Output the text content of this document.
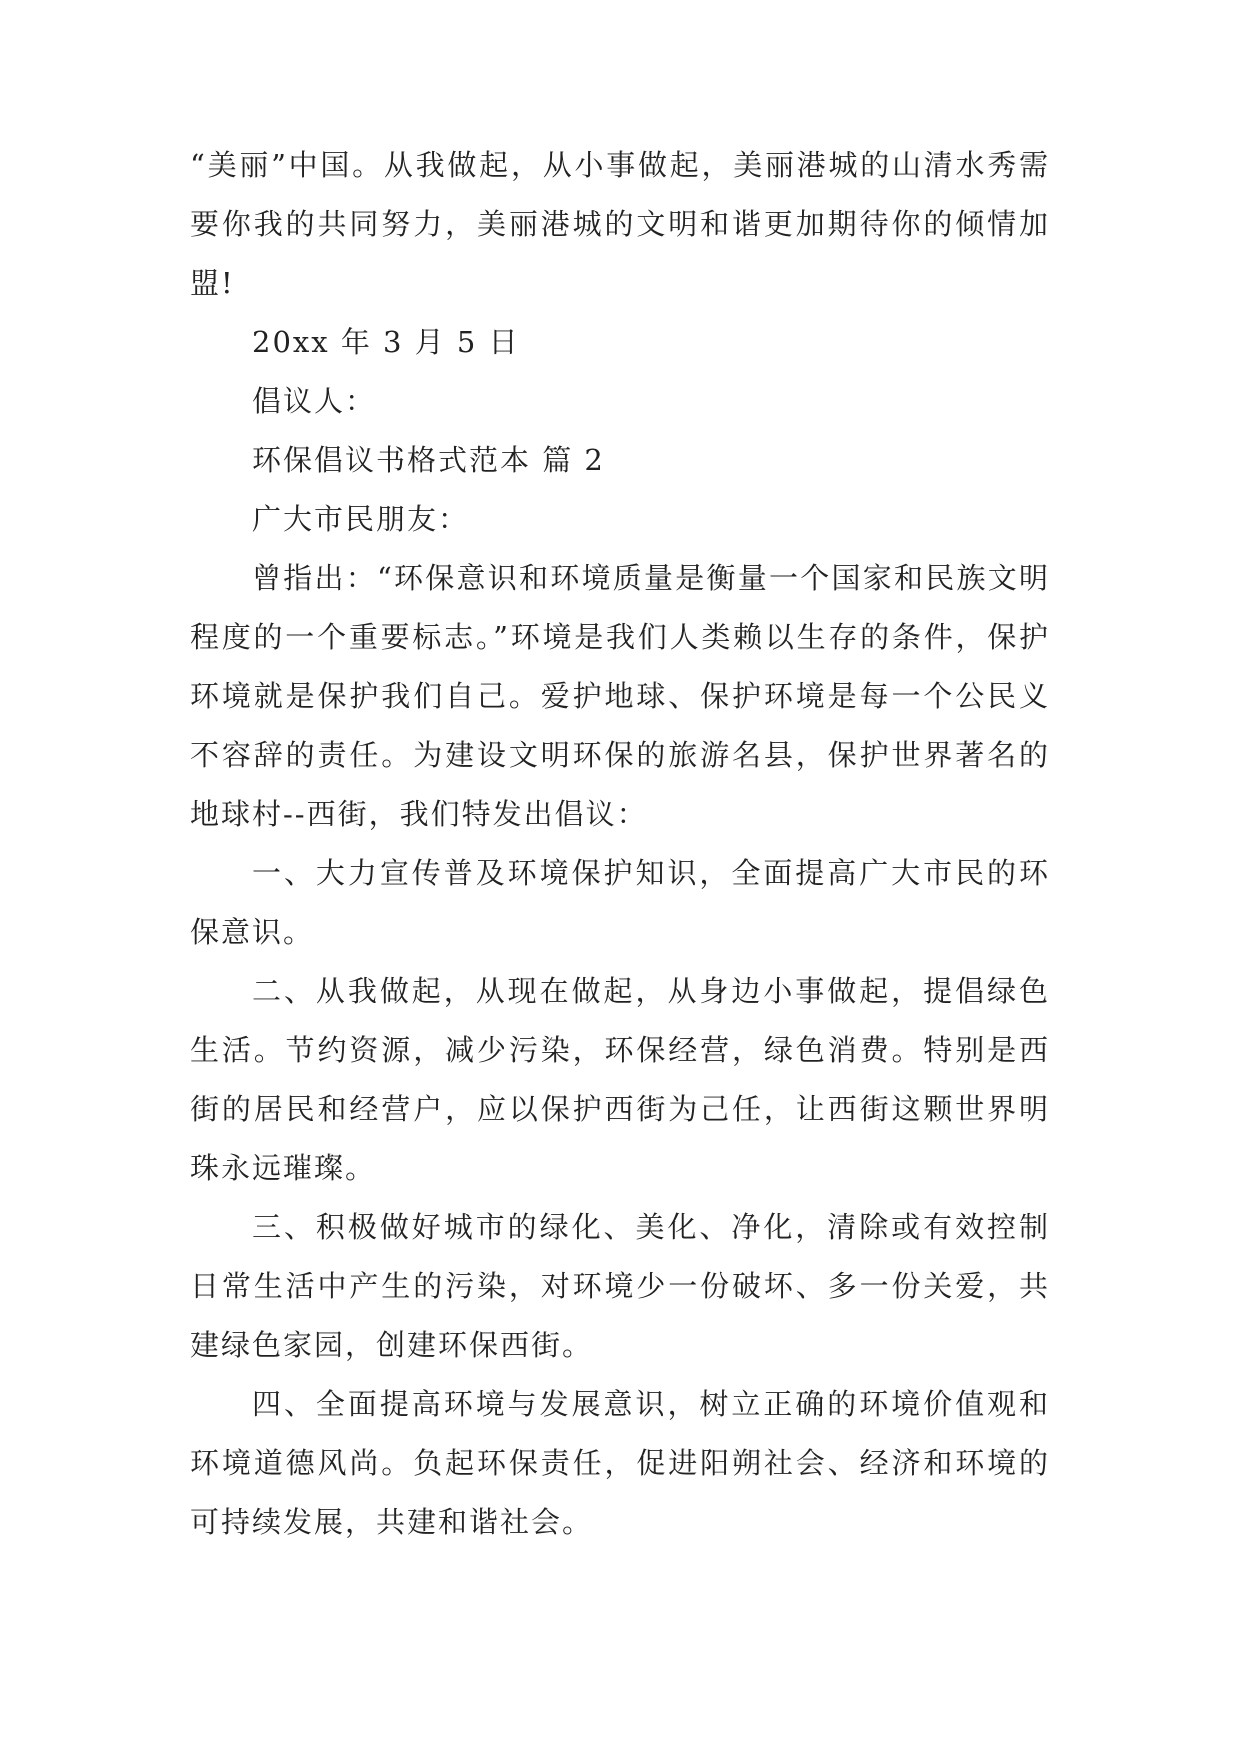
“美丽”中国。从我做起，从小事做起，美丽港城的山清水秀需要你我的共同努力，美丽港城的文明和谐更加期待你的倾情加盟!

20xx 年 3 月 5 日

倡议人：

环保倡议书格式范本 篇 2

广大市民朋友：

曾指出：“环保意识和环境质量是衡量一个国家和民族文明程度的一个重要标志。”环境是我们人类赖以生存的条件，保护环境就是保护我们自己。爱护地球、保护环境是每一个公民义不容辞的责任。为建设文明环保的旅游名县，保护世界著名的地球村--西街，我们特发出倡议：

一、大力宣传普及环境保护知识，全面提高广大市民的环保意识。

二、从我做起，从现在做起，从身边小事做起，提倡绿色生活。节约资源，减少污染，环保经营，绿色消费。特别是西街的居民和经营户，应以保护西街为己任，让西街这颗世界明珠永远璀璨。

三、积极做好城市的绿化、美化、净化，清除或有效控制日常生活中产生的污染，对环境少一份破坏、多一份关爱，共建绿色家园，创建环保西街。

四、全面提高环境与发展意识，树立正确的环境价值观和环境道德风尚。负起环保责任，促进阳朔社会、经济和环境的可持续发展，共建和谐社会。
